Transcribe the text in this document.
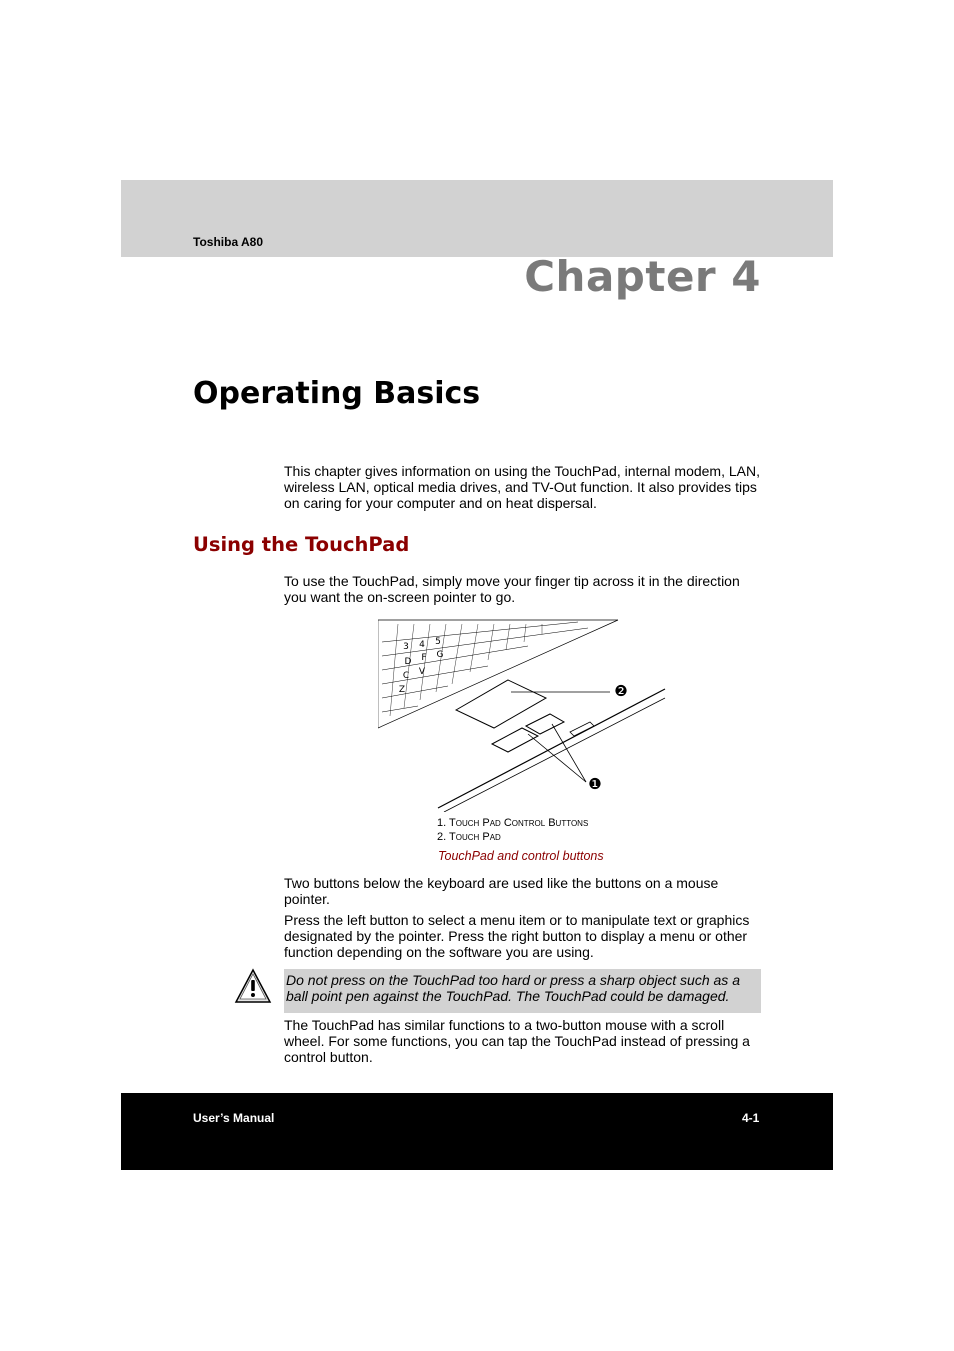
Toshiba A80
Chapter 4
Operating Basics
This chapter gives information on using the TouchPad, internal modem, LAN, wireless LAN, optical media drives, and TV-Out function. It also provides tips on caring for your computer and on heat dispersal.
Using the TouchPad
To use the TouchPad, simply move your finger tip across it in the direction you want the on-screen pointer to go.
3 4 5
D F G
C V
Z	❷
❶
1. Touch Pad Control Buttons
2. Touch Pad
TouchPad and control buttons
Two buttons below the keyboard are used like the buttons on a mouse pointer.
Press the left button to select a menu item or to manipulate text or graphics designated by the pointer. Press the right button to display a menu or other function depending on the software you are using.
Do not press on the TouchPad too hard or press a sharp object such as a ball point pen against the TouchPad. The TouchPad could be damaged.
The TouchPad has similar functions to a two-button mouse with a scroll wheel. For some functions, you can tap the TouchPad instead of pressing a control button.
User’s Manual	4-1
